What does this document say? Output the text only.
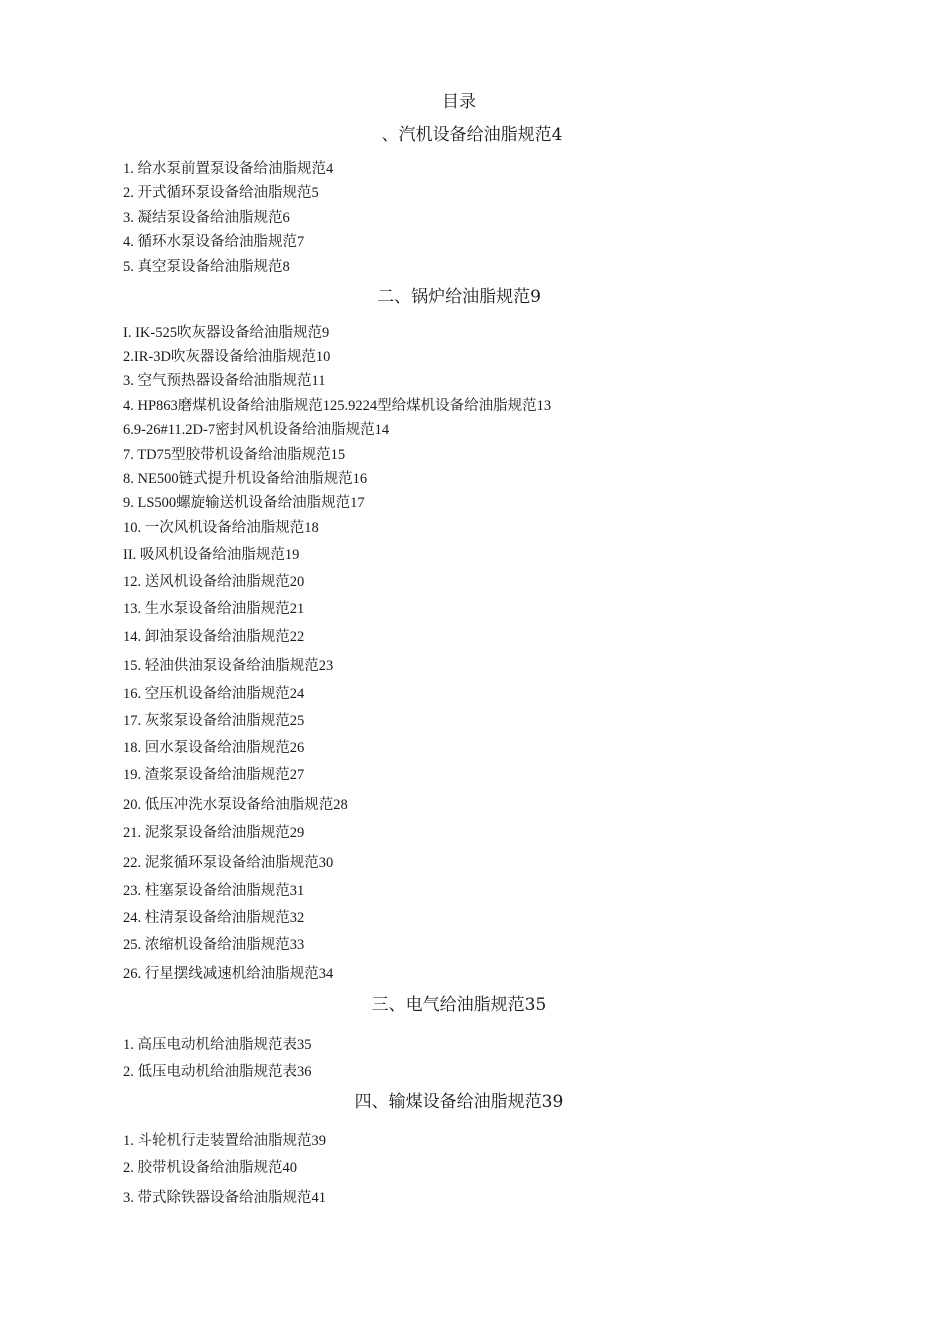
目录
、汽机设备给油脂规范4
1. 给水泵前置泵设备给油脂规范4
2. 开式循环泵设备给油脂规范5
3. 凝结泵设备给油脂规范6
4. 循环水泵设备给油脂规范7
5. 真空泵设备给油脂规范8
二、锅炉给油脂规范9
I. IK-525吹灰器设备给油脂规范9
2.IR-3D吹灰器设备给油脂规范10
3. 空气预热器设备给油脂规范11
4. HP863磨煤机设备给油脂规范125.9224型给煤机设备给油脂规范13
6.9-26#11.2D-7密封风机设备给油脂规范14
7. TD75型胶带机设备给油脂规范15
8. NE500链式提升机设备给油脂规范16
9. LS500螺旋输送机设备给油脂规范17
10. 一次风机设备给油脂规范18
II. 吸风机设备给油脂规范19
12. 送风机设备给油脂规范20
13. 生水泵设备给油脂规范21
14. 卸油泵设备给油脂规范22
15. 轻油供油泵设备给油脂规范23
16. 空压机设备给油脂规范24
17. 灰浆泵设备给油脂规范25
18. 回水泵设备给油脂规范26
19. 渣浆泵设备给油脂规范27
20. 低压冲洗水泵设备给油脂规范28
21. 泥浆泵设备给油脂规范29
22. 泥浆循环泵设备给油脂规范30
23. 柱塞泵设备给油脂规范31
24. 柱清泵设备给油脂规范32
25. 浓缩机设备给油脂规范33
26. 行星摆线减速机给油脂规范34
三、电气给油脂规范35
1. 高压电动机给油脂规范表35
2. 低压电动机给油脂规范表36
四、输煤设备给油脂规范39
1. 斗轮机行走装置给油脂规范39
2. 胶带机设备给油脂规范40
3. 带式除铁器设备给油脂规范41
